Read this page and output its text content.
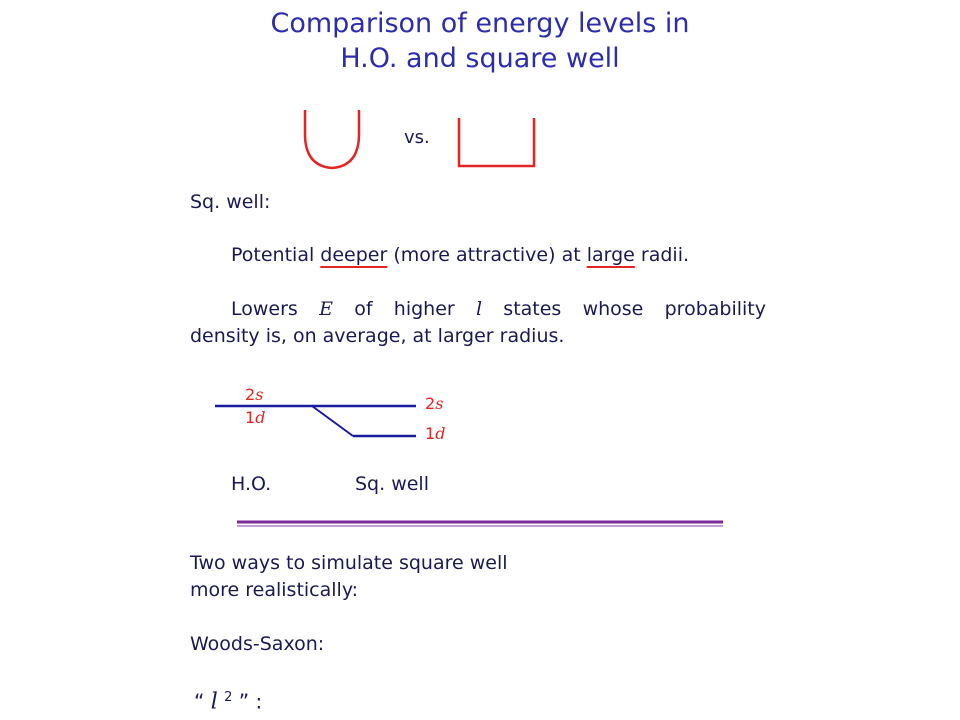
Comparison of energy levels in
H.O. and square well
vs.
Sq. well:
Potential deeper (more attractive) at large radii.
Lowers E of higher l states whose probability
density is, on average, at larger radius.
2s
1d
2s
1d
H.O.	Sq. well
Two ways to simulate square well
more realistically:
Woods-Saxon:
“ l $^2$ ” :
